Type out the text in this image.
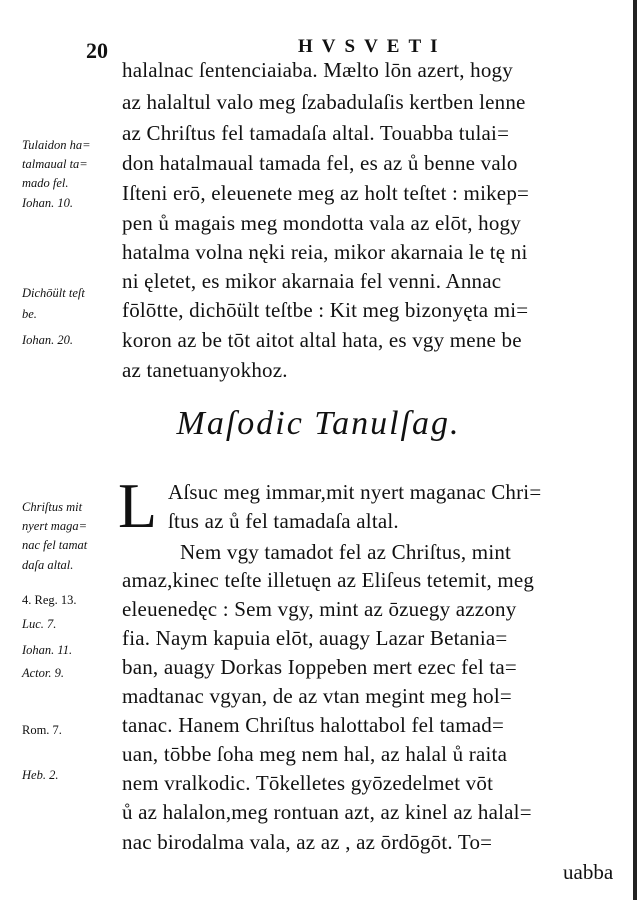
20	HVSVETI
halalnac ſentenciaiaba. Mælto lōn azert, hogy
az halaltul valo meg ſzabadulaſis kertben lenne
az Chriſtus fel tamadaſa altal. Touabba tulai=
don hatalmaual tamada fel, es az ů benne valo
Iſteni erō, eleuenete meg az holt teſtet : mikep=
pen ů magais meg mondotta vala az elōt, hogy
hatalma volna nęki reia, mikor akarnaia le tę ni
ni ęletet, es mikor akarnaia fel venni. Annac
fōlōtte, dichōült teſtbe : Kit meg bizonyęta mi=
koron az be tōt aitot altal hata, es vgy mene be
az tanetuanyokhoz.
Tulaidon ha=
talmaual ta=
mado fel.
Iohan. 10.
Dichōült teſt
be.
Iohan. 20.
Maſodic Tanulſag.
L Aſsuc meg immar,mit nyert maganac Chri=
ſtus az ů fel tamadaſa altal.
Nem vgy tamadot fel az Chriſtus, mint
amaz,kinec teſte illetuęn az Eliſeus tetemit, meg
eleuenedęc : Sem vgy, mint az ōzuegy azzony
fia. Naym kapuia elōt, auagy Lazar Betania=
ban, auagy Dorkas Ioppeben mert ezec fel ta=
madtanac vgyan, de az vtan megint meg hol=
tanac. Hanem Chriſtus halottabol fel tamad=
uan, tōbbe ſoha meg nem hal, az halal ů raita
nem vralkodic. Tōkelletes gyōzedelmet vōt
ů az halalon,meg rontuan azt, az kinel az halal=
nac birodalma vala, az az , az ōrdōgōt. To=
uabba
Chriſtus mit
nyert maga=
nac fel tamat
daſa altal.
4. Reg. 13.
Luc. 7.
Iohan. 11.
Actor. 9.
Rom. 7.
Heb. 2.
